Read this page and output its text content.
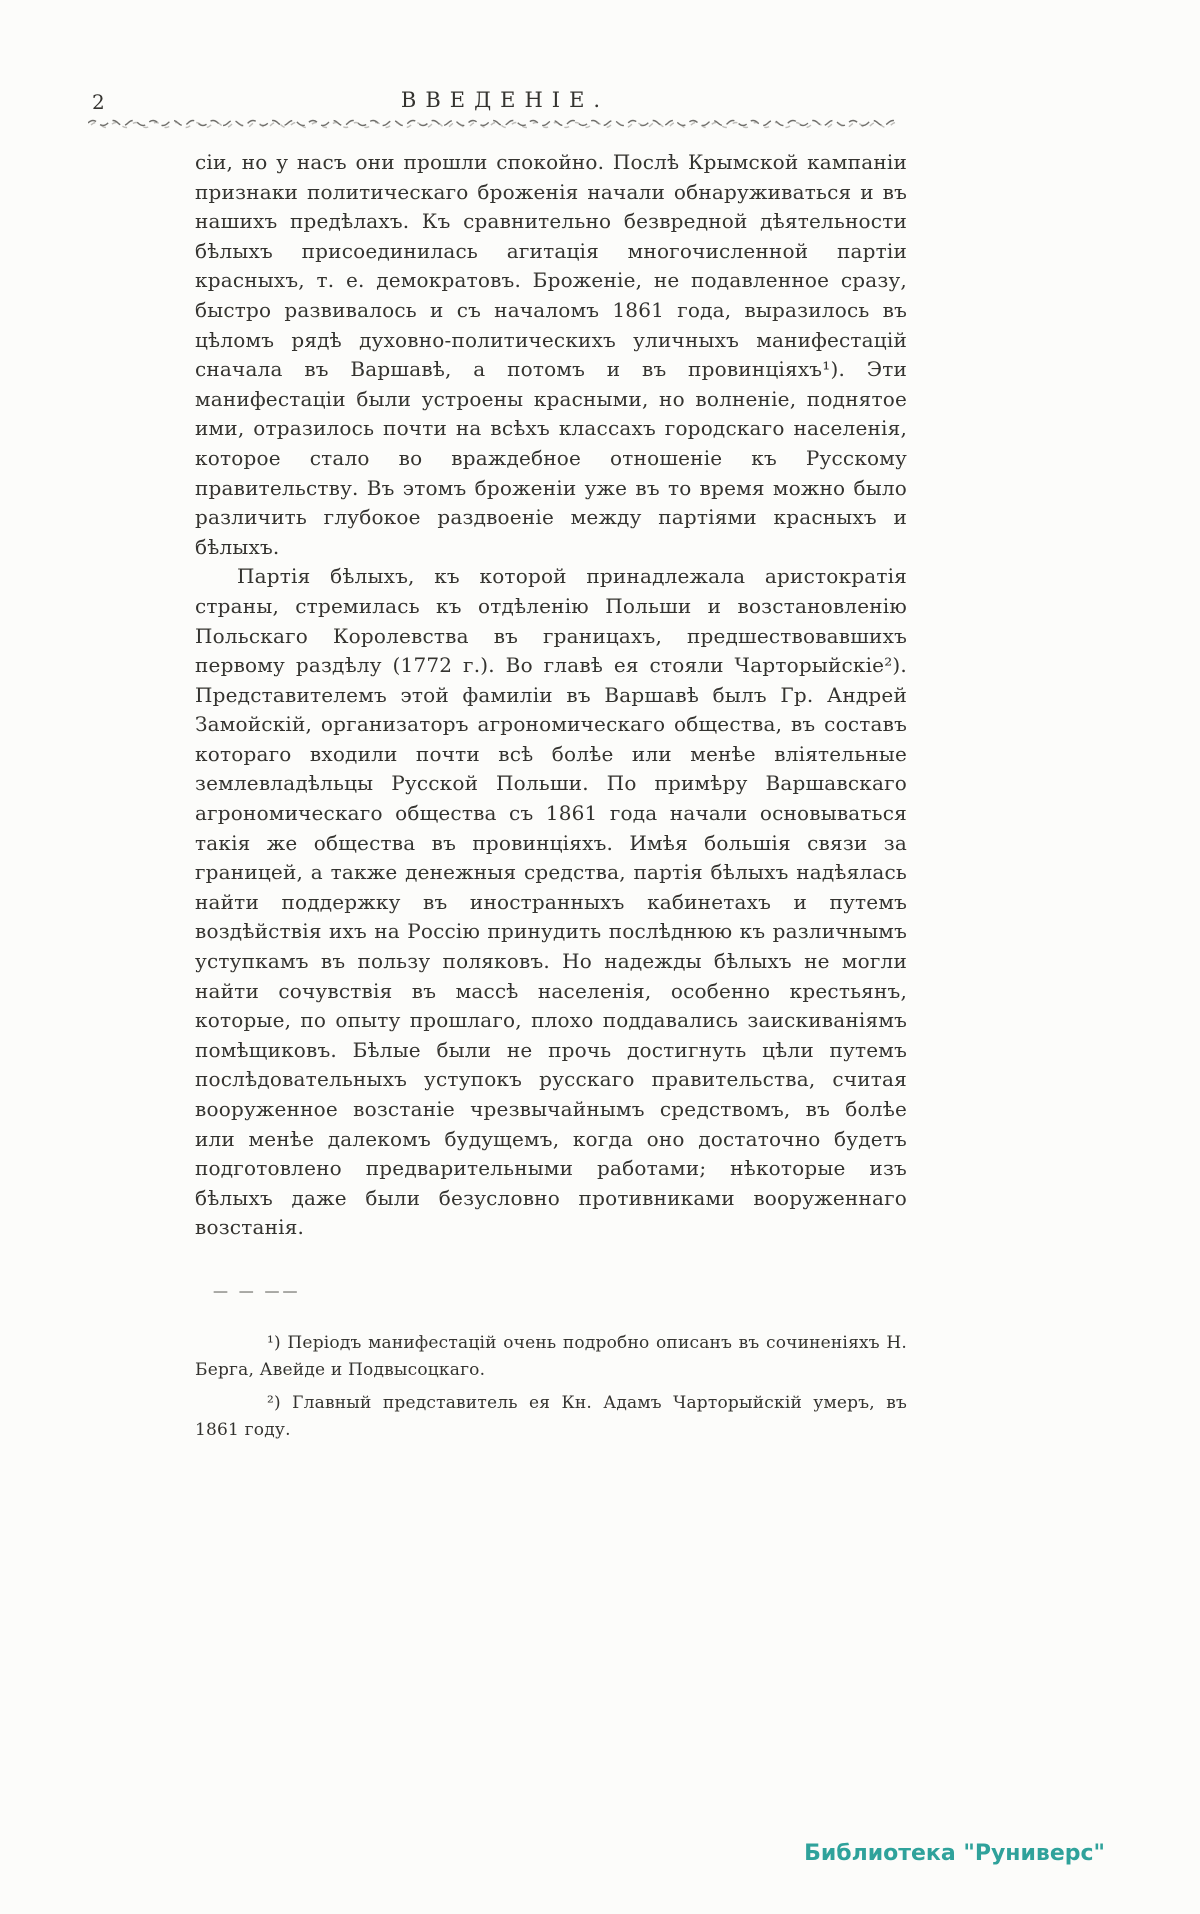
2	ВВЕДЕНІЕ.

сіи, но у насъ они прошли спокойно. Послѣ Крымской кампаніи признаки политическаго броженія начали обнаруживаться и въ нашихъ предѣлахъ. Къ сравнительно безвредной дѣятельности бѣлыхъ присоединилась агитація многочисленной партіи красныхъ, т. е. демократовъ. Броженіе, не подавленное сразу, быстро развивалось и съ началомъ 1861 года, выразилось въ цѣломъ рядѣ духовно-политическихъ уличныхъ манифестацій сначала въ Варшавѣ, а потомъ и въ провинціяхъ¹). Эти манифестаціи были устроены красными, но волненіе, поднятое ими, отразилось почти на всѣхъ классахъ городскаго населенія, которое стало во враждебное отношеніе къ Русскому правительству. Въ этомъ броженіи уже въ то время можно было различить глубокое раздвоеніе между партіями красныхъ и бѣлыхъ.

Партія бѣлыхъ, къ которой принадлежала аристократія страны, стремилась къ отдѣленію Польши и возстановленію Польскаго Королевства въ границахъ, предшествовавшихъ первому раздѣлу (1772 г.). Во главѣ ея стояли Чарторыйскіе²). Представителемъ этой фамиліи въ Варшавѣ былъ Гр. Андрей Замойскій, организаторъ агрономическаго общества, въ составъ котораго входили почти всѣ болѣе или менѣе вліятельные землевладѣльцы Русской Польши. По примѣру Варшавскаго агрономическаго общества съ 1861 года начали основываться такія же общества въ провинціяхъ. Имѣя большія связи за границей, а также денежныя средства, партія бѣлыхъ надѣялась найти поддержку въ иностранныхъ кабинетахъ и путемъ воздѣйствія ихъ на Россію принудить послѣднюю къ различнымъ уступкамъ въ пользу поляковъ. Но надежды бѣлыхъ не могли найти сочувствія въ массѣ населенія, особенно крестьянъ, которые, по опыту прошлаго, плохо поддавались заискиваніямъ помѣщиковъ. Бѣлые были не прочь достигнуть цѣли путемъ послѣдовательныхъ уступокъ русскаго правительства, считая вооруженное возстаніе чрезвычайнымъ средствомъ, въ болѣе или менѣе далекомъ будущемъ, когда оно достаточно будетъ подготовлено предварительными работами; нѣкоторые изъ бѣлыхъ даже были безусловно противниками вооруженнаго возстанія.

— — ——

¹) Періодъ манифестацій очень подробно описанъ въ сочиненіяхъ Н. Берга, Авейде и Подвысоцкаго.

²) Главный представитель ея Кн. Адамъ Чарторыйскій умеръ, въ 1861 году.

Библиотека "Руниверс"
